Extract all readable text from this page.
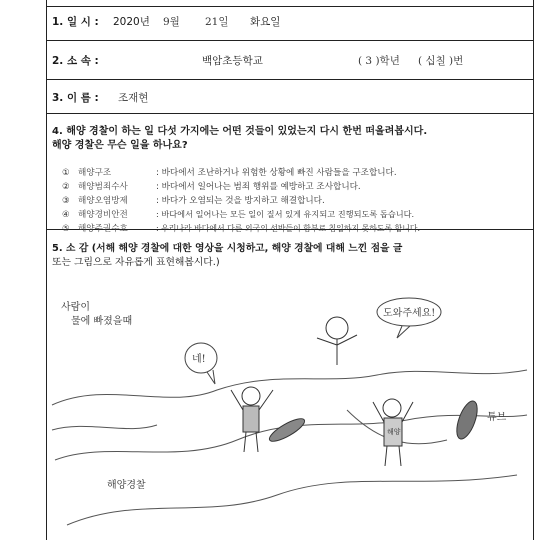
1. 일 시 : 2020년 9월 21일 화요일
2. 소 속 :	백암초등학교	( 3 )학년 ( 십칠 )번
3. 이 름 : 조재현
4. 해양 경찰이 하는 일 다섯 가지에는 어떤 것들이 있었는지 다시 한번 떠올려봅시다.
해양 경찰은 무슨 일을 하나요?
① 해양구조	: 바다에서 조난하거나 위험한 상황에 빠진 사람들을 구조합니다.
② 해양범죄수사	: 바다에서 일어나는 범죄 행위를 예방하고 조사합니다.
③ 해양오염방제	: 바다가 오염되는 것을 방지하고 해결합니다.
④ 해양경비안전	: 바다에서 일어나는 모든 일이 질서 있게 유지되고 진행되도록 돕습니다.
⑤ 해양주권수호	: 우리나라 바다에서 다른 외국의 선박들이 함부로 침입하지 못하도록 합니다.
5. 소 감 (서해 해양 경찰에 대한 영상을 시청하고, 해양 경찰에 대해 느낀 점을 글
또는 그림으로 자유롭게 표현해봅시다.)
도와주세요!
네!
해양
사람이
물에 빠졌을때
해양경찰
튜브
